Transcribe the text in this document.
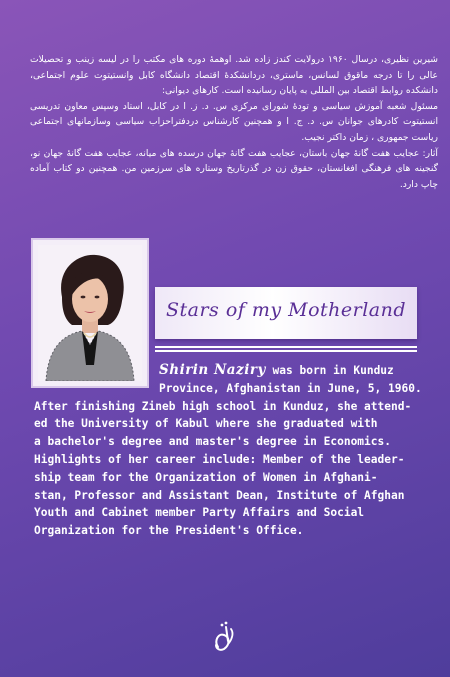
شیرین نظیری، درسال ۱۹۶۰ درولایت کندز زاده شد. اوهمهٔ دوره های مکتب را در لیسه زینب و تحصیلات عالی را تا درجه ماقوق لسانس، ماستری، دردانشکدهٔ اقتصاد دانشگاه کابل وانستیتوت علوم اجتماعی، دانشکده روابط اقتصاد بین المللی به پایان رسانیده است. کارهای دیوانی:

مسئول شعبه آموزش سیاسی و تودهٔ شورای مرکزی س. د. ز. ا در کابل، استاد وسپس معاون تدریسی انستیتوت کادرهای جوانان س. د. ج. ا و همچنین کارشناس دردفتراحزاب سیاسی وسازمانهای اجتماعی ریاست جمهوری ، زمان داکتر نجیب.

آثار: عجایب هفت گانهٔ جهان باستان، عجایب هفت گانهٔ جهان درسده های میانه، عجایب هفت گانهٔ جهان نو، گنجینه های فرهنگی افغانستان، حقوق زن در گذرتاریخ وستاره های سرزمین من. همچنین دو کتاب آماده چاپ دارد.

Stars of my Motherland
Shirin Naziry was born in Kunduz
Province, Afghanistan in June, 5, 1960.
After finishing Zineb high school in Kunduz, she attend-
ed the University of Kabul where she graduated with
a bachelor's degree and master's degree in Economics.
Highlights of her career include: Member of the leader-
ship team for the Organization of Women in Afghani-
stan, Professor and Assistant Dean, Institute of Afghan
Youth and Cabinet member Party Affairs and Social
Organization for the President's Office.
